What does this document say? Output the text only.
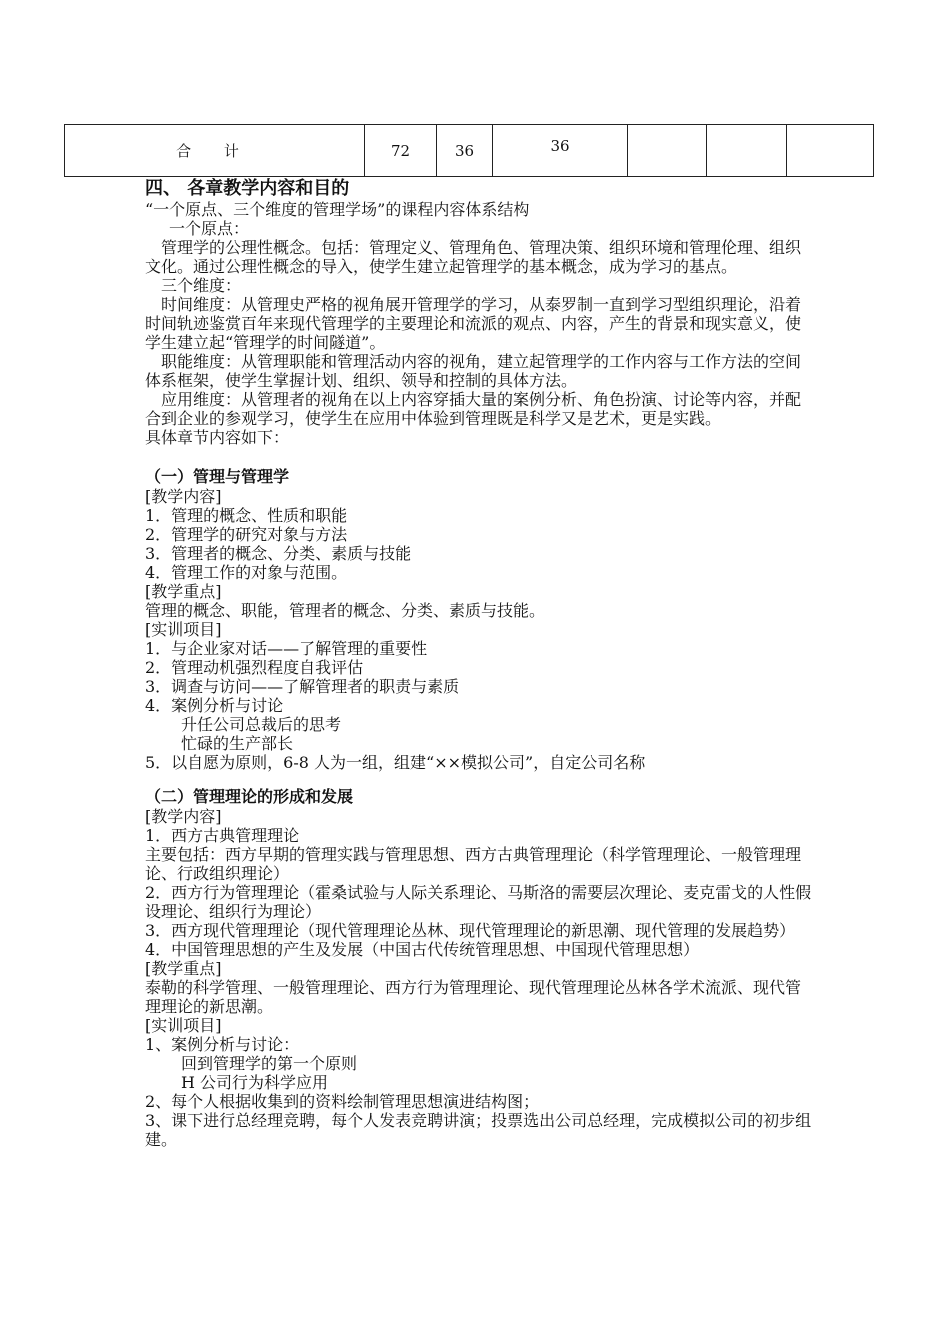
合 计	72	36	36			

四、 各章教学内容和目的

“一个原点、三个维度的管理学场”的课程内容体系结构

一个原点：

管理学的公理性概念。包括：管理定义、管理角色、管理决策、组织环境和管理伦理、组织文化。通过公理性概念的导入，使学生建立起管理学的基本概念，成为学习的基点。

三个维度：

时间维度：从管理史严格的视角展开管理学的学习，从泰罗制一直到学习型组织理论，沿着时间轨迹鉴赏百年来现代管理学的主要理论和流派的观点、内容，产生的背景和现实意义，使学生建立起“管理学的时间隧道”。

职能维度：从管理职能和管理活动内容的视角，建立起管理学的工作内容与工作方法的空间体系框架，使学生掌握计划、组织、领导和控制的具体方法。

应用维度：从管理者的视角在以上内容穿插大量的案例分析、角色扮演、讨论等内容，并配合到企业的参观学习，使学生在应用中体验到管理既是科学又是艺术，更是实践。

具体章节内容如下：

（一）管理与管理学

[教学内容]

1．管理的概念、性质和职能

2．管理学的研究对象与方法

3．管理者的概念、分类、素质与技能

4．管理工作的对象与范围。

[教学重点]

管理的概念、职能，管理者的概念、分类、素质与技能。

[实训项目]

1．与企业家对话——了解管理的重要性

2．管理动机强烈程度自我评估

3．调查与访问——了解管理者的职责与素质

4．案例分析与讨论

升任公司总裁后的思考

忙碌的生产部长

5．以自愿为原则，6-8 人为一组，组建“××模拟公司”，自定公司名称

（二）管理理论的形成和发展

[教学内容]

1．西方古典管理理论

主要包括：西方早期的管理实践与管理思想、西方古典管理理论（科学管理理论、一般管理理论、行政组织理论）

2．西方行为管理理论（霍桑试验与人际关系理论、马斯洛的需要层次理论、麦克雷戈的人性假设理论、组织行为理论）

3．西方现代管理理论（现代管理理论丛林、现代管理理论的新思潮、现代管理的发展趋势）

4．中国管理思想的产生及发展（中国古代传统管理思想、中国现代管理思想）

[教学重点]

泰勒的科学管理、一般管理理论、西方行为管理理论、现代管理理论丛林各学术流派、现代管理理论的新思潮。

[实训项目]

1、案例分析与讨论：

回到管理学的第一个原则

H 公司行为科学应用

2、每个人根据收集到的资料绘制管理思想演进结构图；

3、课下进行总经理竞聘，每个人发表竞聘讲演；投票选出公司总经理，完成模拟公司的初步组建。
